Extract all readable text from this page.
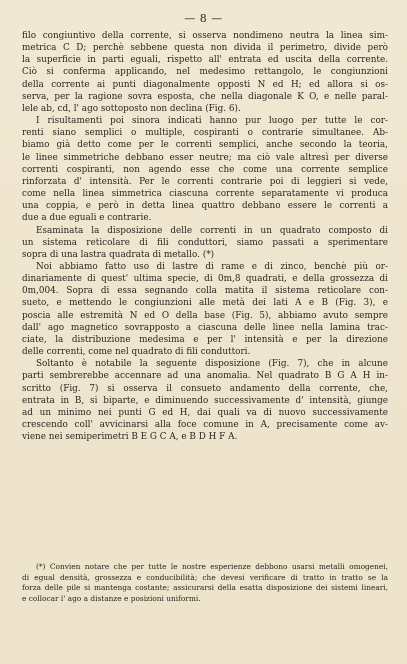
— 8 —
filo congiuntivo della corrente, si osserva nondimeno neutra la linea sim-
metrica C D; perchè sebbene questa non divida il perimetro, divide però
la superficie in parti eguali, rispetto all' entrata ed uscita della corrente.
Ciò si conferma applicando, nel medesimo rettangolo, le congiunzioni
della corrente ai punti diagonalmente opposti N ed H; ed allora si os-
serva, per la ragione sovra esposta, che nella diagonale K O, e nelle paral-
lele ab, cd, l' ago sottoposto non declina (Fig. 6).
I risultamenti poi sinora indicati hanno pur luogo per tutte le cor-
renti siano semplici o multiple, cospiranti o contrarie simultanee. Ab-
biamo già detto come per le correnti semplici, anche secondo la teoria,
le linee simmetriche debbano esser neutre; ma ciò vale altresì per diverse
correnti cospiranti, non agendo esse che come una corrente semplice
rinforzata d' intensità. Per le correnti contrarie poi di leggieri si vede,
come nella linea simmetrica ciascuna corrente separatamente vi produca
una coppia, e però in detta linea quattro debbano essere le correnti a
due a due eguali e contrarie.
Esaminata la disposizione delle correnti in un quadrato composto di
un sistema reticolare di fili conduttori, siamo passati a sperimentare
sopra di una lastra quadrata di metallo. (*)
Noi abbiamo fatto uso di lastre di rame e di zinco, benchè più or-
dinariamente di quest' ultima specie, di 0m,8 quadrati, e della grossezza di
0m,004. Sopra di essa segnando colla matita il sistema reticolare con-
sueto, e mettendo le congiunzioni alle metà dei lati A e B (Fig. 3), e
poscia alle estremità N ed O della base (Fig. 5), abbiamo avuto sempre
dall' ago magnetico sovrapposto a ciascuna delle linee nella lamina trac-
ciate, la distribuzione medesima e per l' intensità e per la direzione
delle correnti, come nel quadrato di fili conduttori.
Soltanto è notabile la seguente disposizione (Fig. 7), che in alcune
parti sembrerebbe accennare ad una anomalia. Nel quadrato B G A H in-
scritto (Fig. 7) si osserva il consueto andamento della corrente, che,
entrata in B, si biparte, e diminuendo successivamente d' intensità, giunge
ad un minimo nei punti G ed H, dai quali va di nuovo successivamente
crescendo coll' avvicinarsi alla foce comune in A, precisamente come av-
viene nei semiperimetri B E G C A, e B D H F A.
(*) Convien notare che per tutte le nostre esperienze debbono usarsi metalli omogenei,
di egual densità, grossezza e conducibilità; che devesi verificare di tratto in tratto se la
forza delle pile si mantenga costante; assicurarsi della esatta disposizione dei sistemi lineari,
e collocar l' ago a distanze e posizioni uniformi.
